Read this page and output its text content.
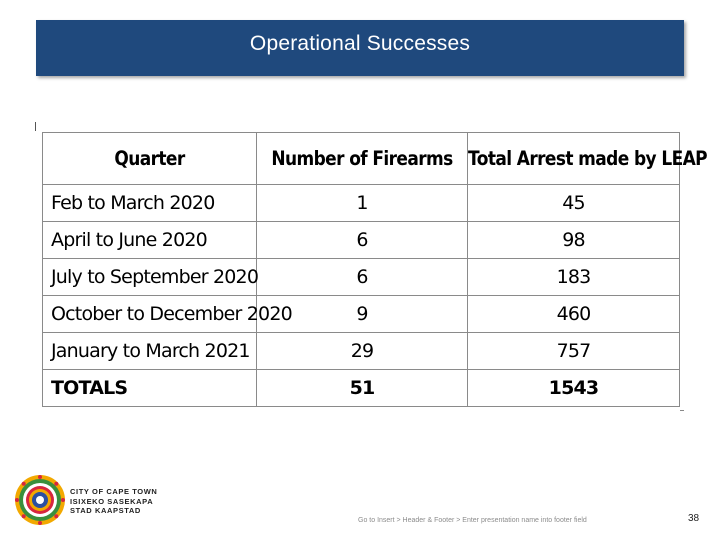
Operational Successes
Quarter	Number of Firearms	Total Arrest made by LEAP
Feb to March 2020	1	45
April to June 2020	6	98
July to September 2020	6	183
October to December 2020	9	460
January to March 2021	29	757
TOTALS	51	1543
CITY OF CAPE TOWN
ISIXEKO SASEKAPA
STAD KAAPSTAD
Go to Insert > Header & Footer > Enter presentation name into footer field	38
